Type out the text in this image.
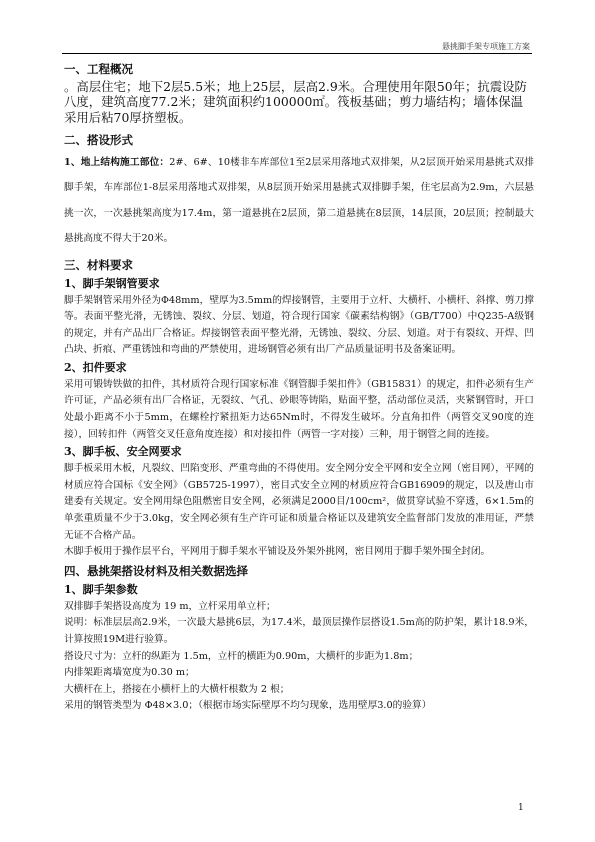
悬挑脚手架专项施工方案

一、工程概况

。高层住宅；地下2层5.5米；地上25层，层高2.9米。合理使用年限50年；抗震设防八度，建筑高度77.2米；建筑面积约100000㎡。筏板基础；剪力墙结构；墙体保温采用后粘70厚挤塑板。

二、搭设形式

1、地上结构施工部位：2#、6#、10楼非车库部位1至2层采用落地式双排架，从2层顶开始采用悬挑式双排脚手架，车库部位1-8层采用落地式双排架，从8层顶开始采用悬挑式双排脚手架，住宅层高为2.9m，六层悬挑一次，一次悬挑架高度为17.4m，第一道悬挑在2层顶，第二道悬挑在8层顶，14层顶，20层顶；控制最大悬挑高度不得大于20米。

三、材料要求

1、脚手架钢管要求

脚手架钢管采用外径为Φ48mm，壁厚为3.5mm的焊接钢管，主要用于立杆、大横杆、小横杆、斜撑、剪刀撑等。表面平整光滑，无锈蚀、裂纹、分层、划道，符合现行国家《碳素结构钢》（GB/T700）中Q235-A级钢的规定，并有产品出厂合格证。焊接钢管表面平整光滑，无锈蚀、裂纹、分层、划道。对于有裂纹、开焊、凹凸块、折痕、严重锈蚀和弯曲的严禁使用，进场钢管必须有出厂产品质量证明书及备案证明。

2、扣件要求

采用可锻铸铁做的扣件，其材质符合现行国家标准《钢管脚手架扣件》（GB15831）的规定，扣件必须有生产许可证，产品必须有出厂合格证，无裂纹、气孔、砂眼等铸陷，贴面平整，活动部位灵活，夹紧钢管时，开口处最小距离不小于5mm，在螺栓拧紧扭矩力达65Nm时，不得发生破坏。分直角扣件（两管交叉90度的连接），回转扣件（两管交叉任意角度连接）和对接扣件（两管一字对接）三种，用于钢管之间的连接。

3、脚手板、安全网要求

脚手板采用木板，凡裂纹、凹陷变形、严重弯曲的不得使用。安全网分安全平网和安全立网（密目网），平网的材质应符合国标《安全网》（GB5725-1997），密目式安全立网的材质应符合GB16909的规定，以及唐山市建委有关规定。安全网用绿色阻燃密目安全网，必须满足2000目/100cm²，做贯穿试验不穿透，6×1.5m的单张重质量不少于3.0kg，安全网必须有生产许可证和质量合格证以及建筑安全监督部门发放的准用证，严禁无证不合格产品。

木脚手板用于操作层平台，平网用于脚手架水平铺设及外架外挑网，密目网用于脚手架外围全封闭。

四、悬挑架搭设材料及相关数据选择

1、脚手架参数

双排脚手架搭设高度为 19 m，立杆采用单立杆；

说明：标准层层高2.9米，一次最大悬挑6层，为17.4米，最顶层操作层搭设1.5m高的防护架，累计18.9米，计算按照19M进行验算。

搭设尺寸为：立杆的纵距为 1.5m，立杆的横距为0.90m，大横杆的步距为1.8m；

内排架距离墙宽度为0.30 m；

大横杆在上，搭接在小横杆上的大横杆根数为 2 根；

采用的钢管类型为 Φ48×3.0；（根据市场实际壁厚不均匀现象，选用壁厚3.0的验算）

1
